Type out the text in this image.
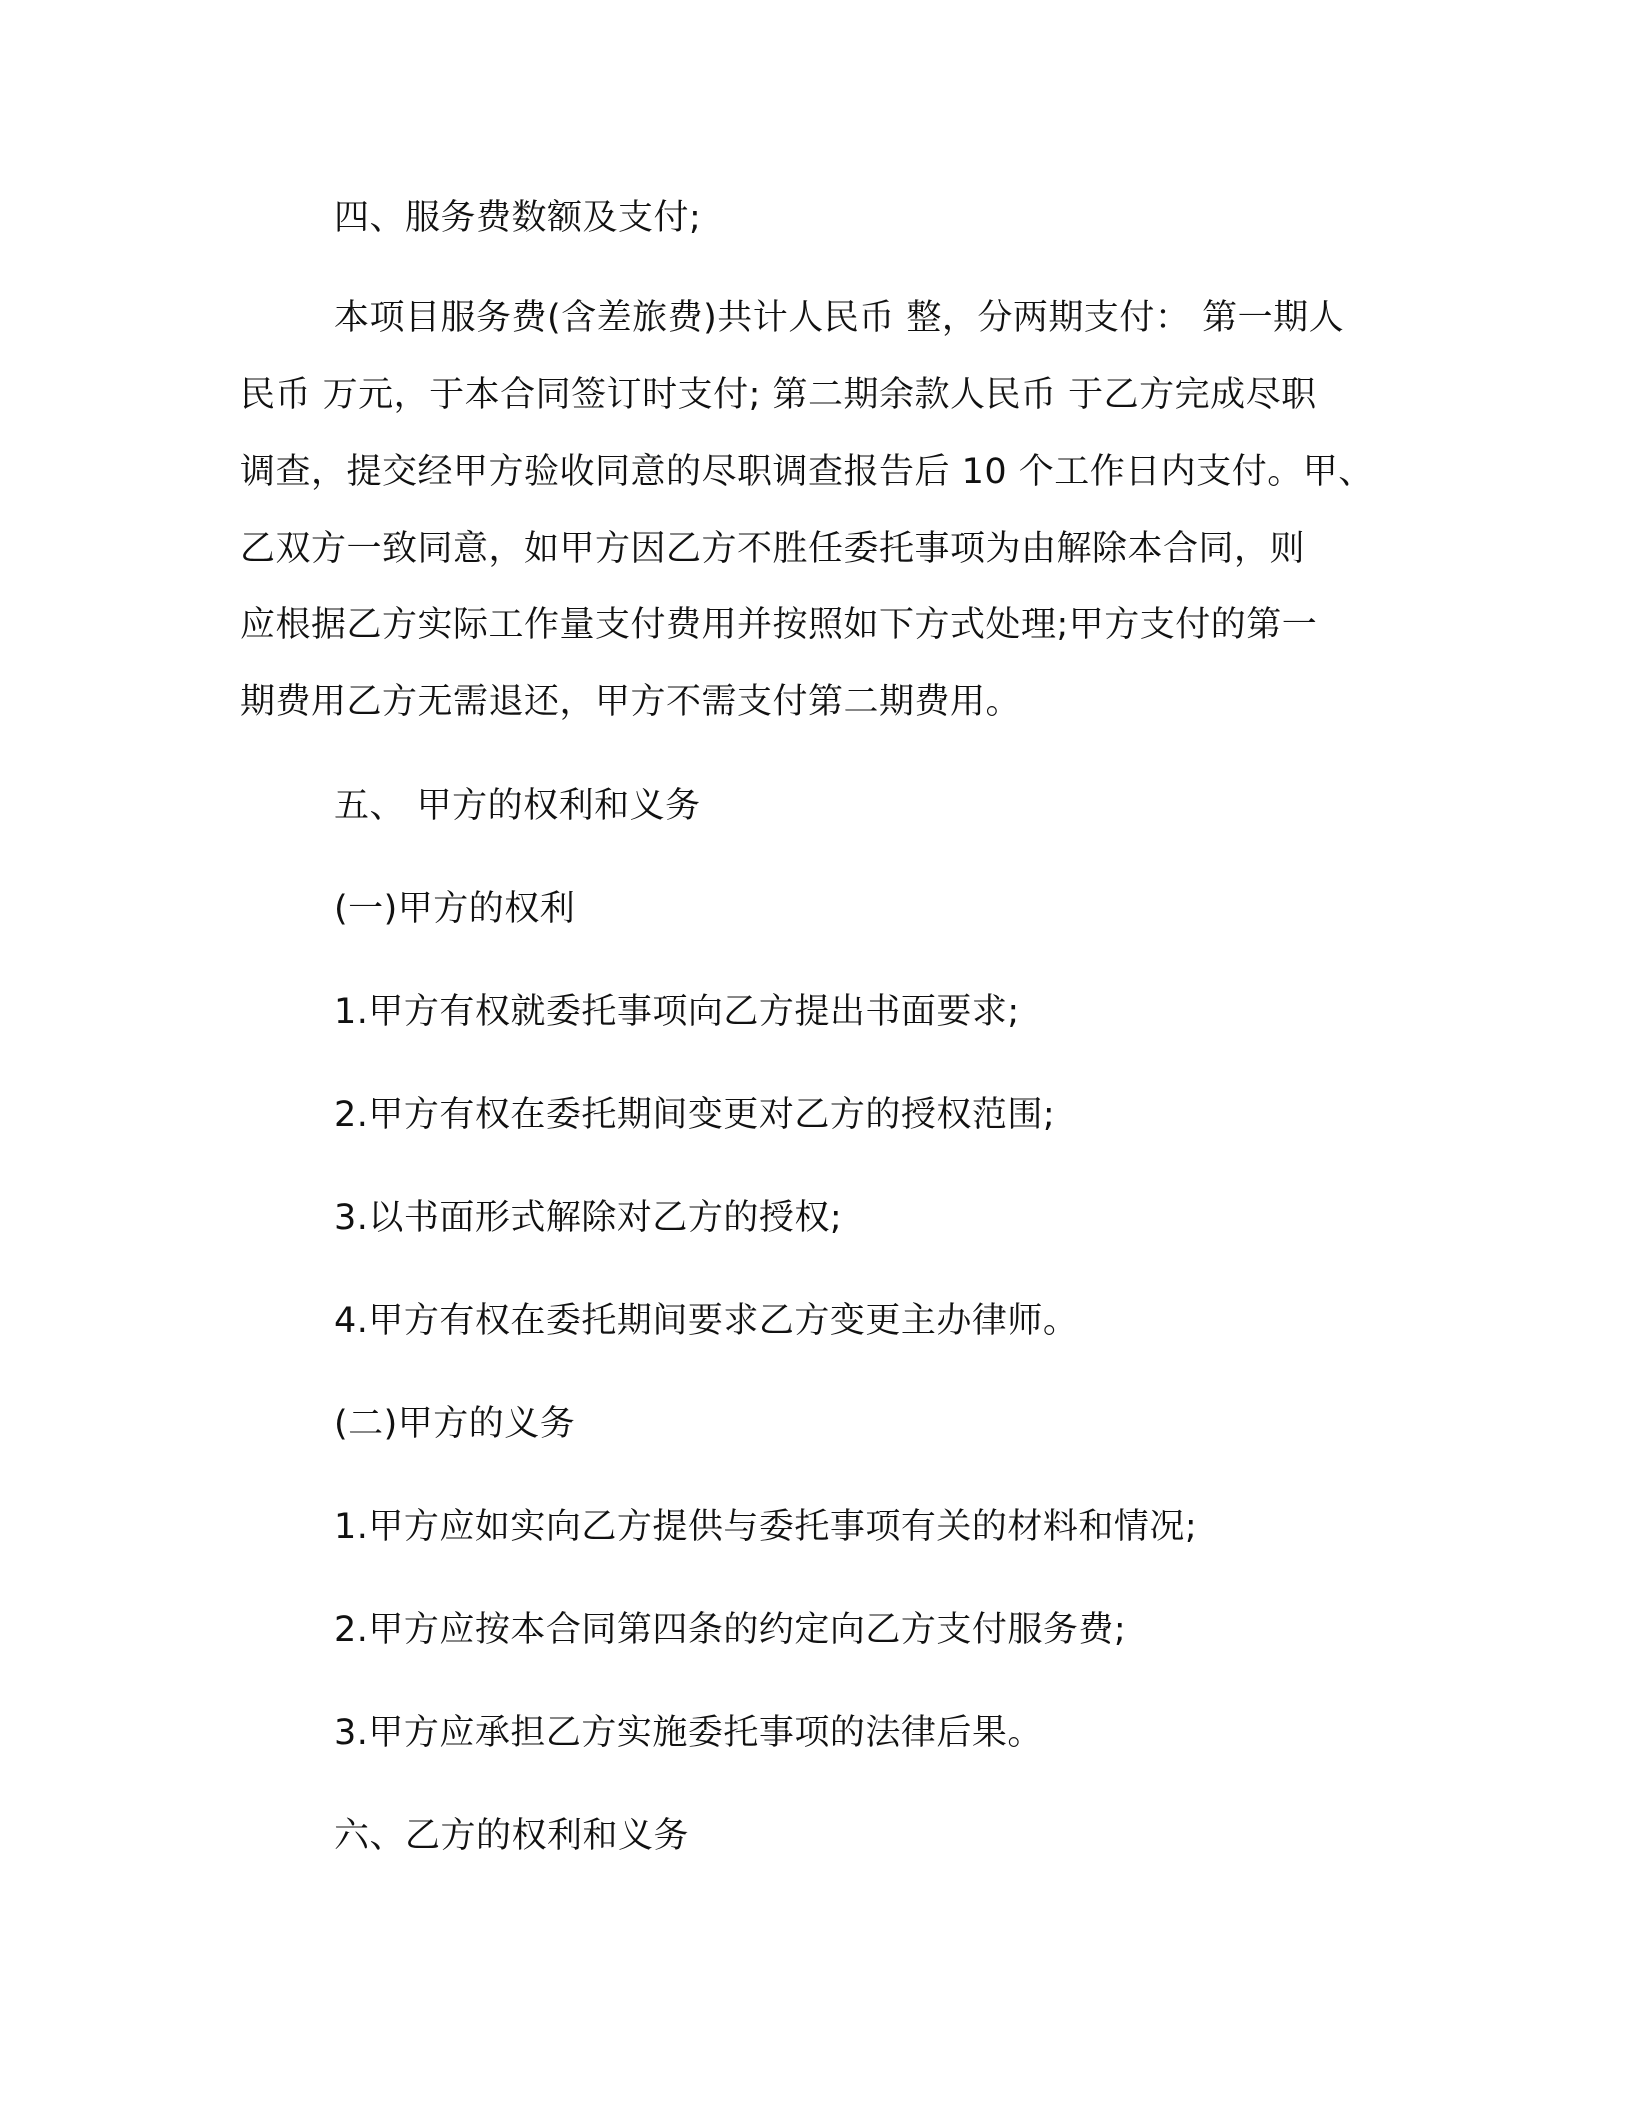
四、服务费数额及支付;
本项目服务费(含差旅费)共计人民币 整，分两期支付： 第一期人
民币 万元，于本合同签订时支付; 第二期余款人民币 于乙方完成尽职
调查，提交经甲方验收同意的尽职调查报告后 10 个工作日内支付。甲、
乙双方一致同意，如甲方因乙方不胜任委托事项为由解除本合同，则
应根据乙方实际工作量支付费用并按照如下方式处理;甲方支付的第一
期费用乙方无需退还，甲方不需支付第二期费用。
五、 甲方的权利和义务
(一)甲方的权利
1.甲方有权就委托事项向乙方提出书面要求;
2.甲方有权在委托期间变更对乙方的授权范围;
3.以书面形式解除对乙方的授权;
4.甲方有权在委托期间要求乙方变更主办律师。
(二)甲方的义务
1.甲方应如实向乙方提供与委托事项有关的材料和情况;
2.甲方应按本合同第四条的约定向乙方支付服务费;
3.甲方应承担乙方实施委托事项的法律后果。
六、乙方的权利和义务
